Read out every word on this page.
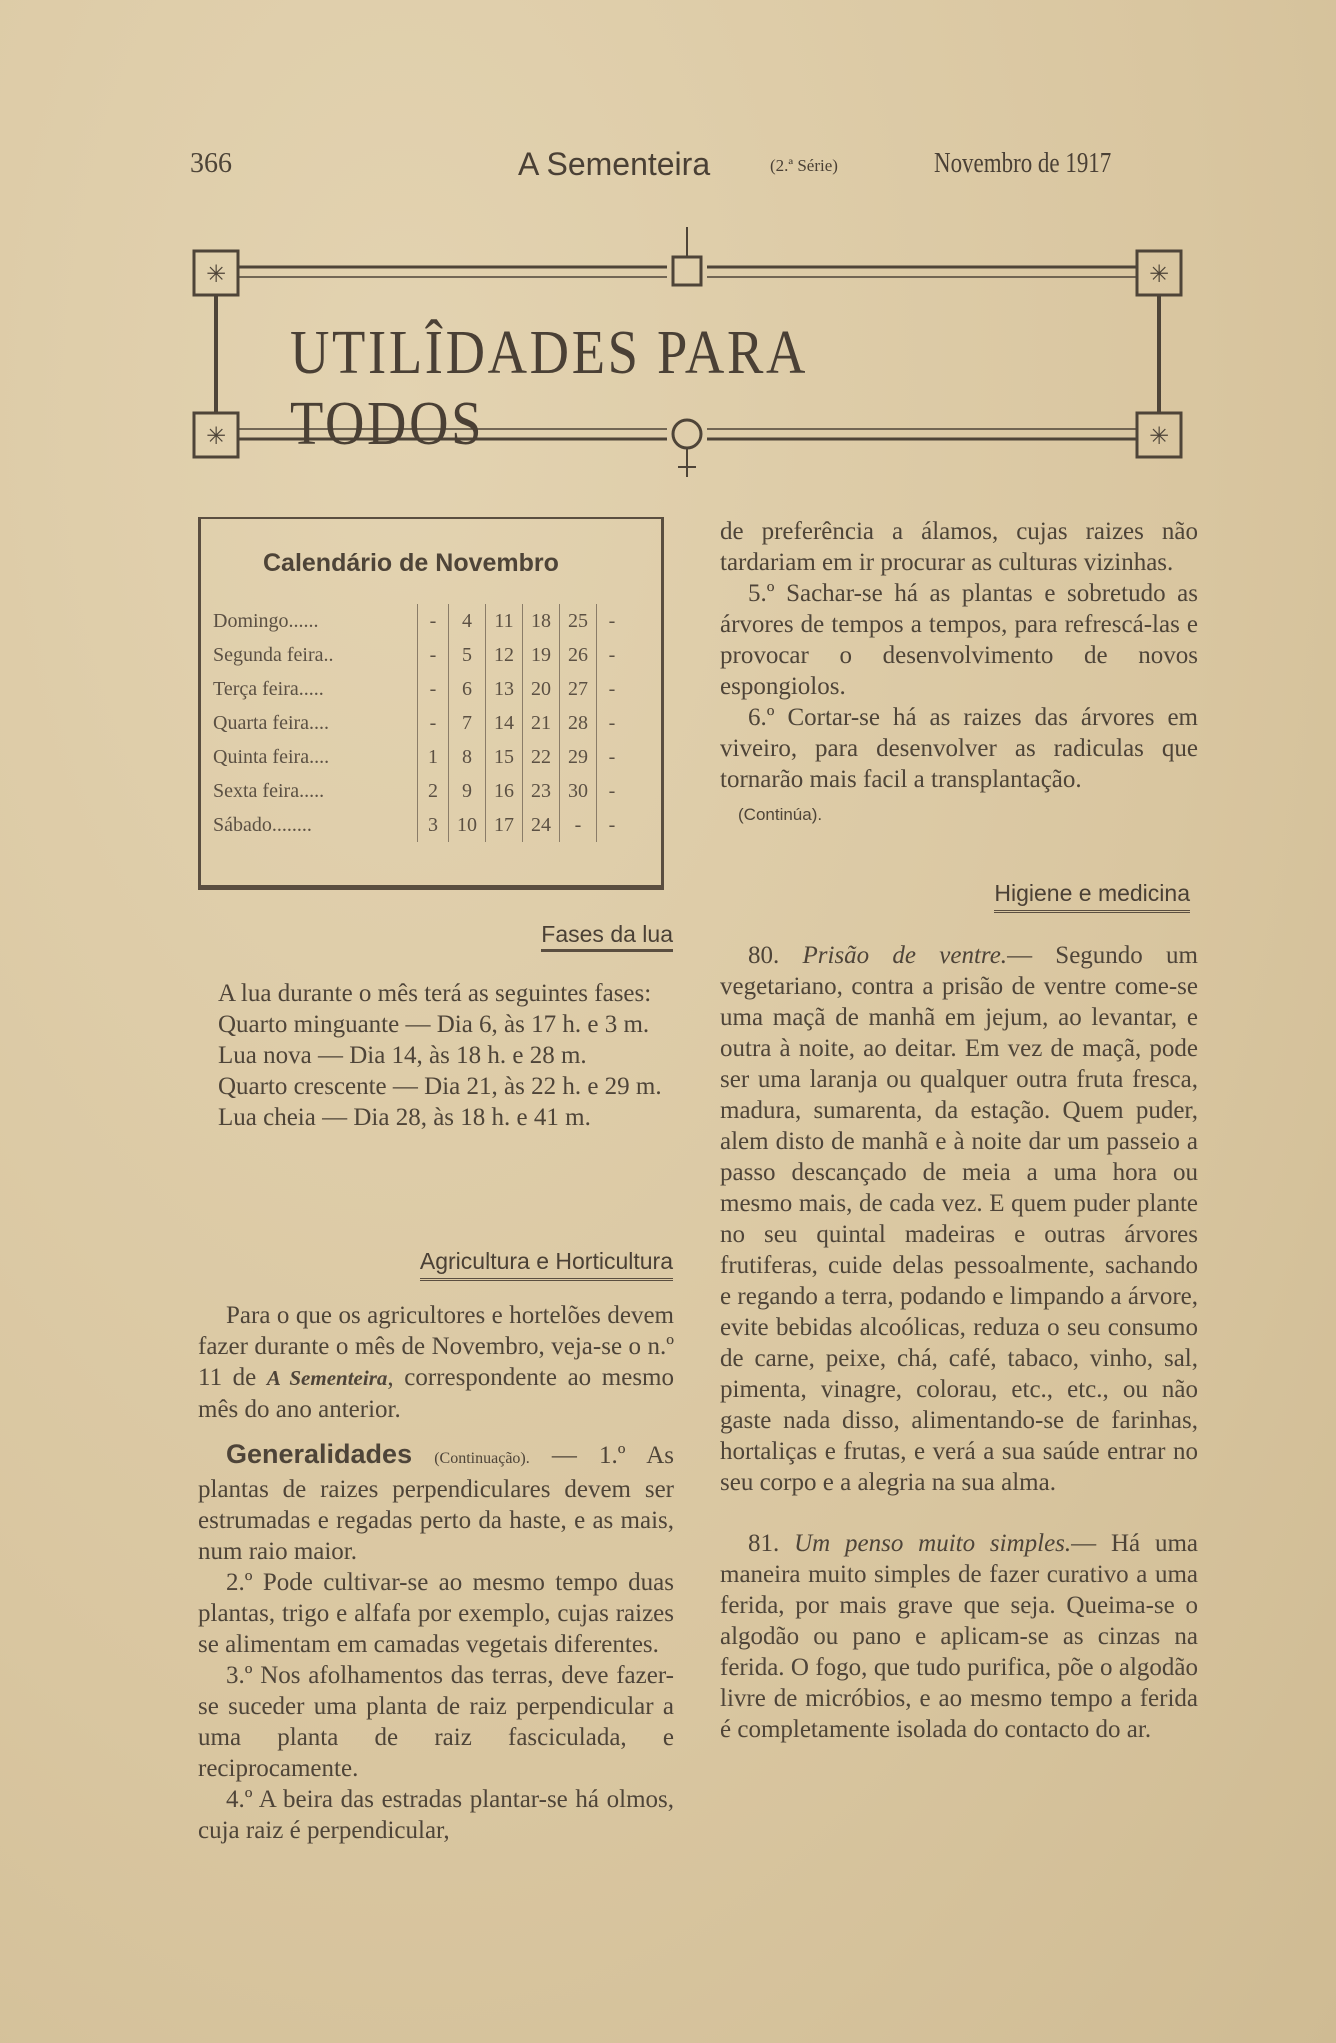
366	A Sementeira	(2.ª Série)	Novembro de 1917
✳	✳
✳	✳
UTILÎDADES PARA TODOS
Calendário de Novembro
Domingo......	-	4	11	18	25	-
Segunda feira..	-	5	12	19	26	-
Terça feira.....	-	6	13	20	27	-
Quarta feira....	-	7	14	21	28	-
Quinta feira....	1	8	15	22	29	-
Sexta feira.....	2	9	16	23	30	-
Sábado........	3	10	17	24	-	-
Fases da lua

A lua durante o mês terá as seguintes fases:

Quarto minguante — Dia 6, às 17 h. e 3 m.

Lua nova — Dia 14, às 18 h. e 28 m.

Quarto crescente — Dia 21, às 22 h. e 29 m.

Lua cheia — Dia 28, às 18 h. e 41 m.

Agricultura e Horticultura

Para o que os agricultores e hortelões devem fazer durante o mês de Novembro, veja-se o n.º 11 de A Sementeira, correspondente ao mesmo mês do ano anterior.

Generalidades (Continuação). — 1.º As plantas de raizes perpendiculares devem ser estrumadas e regadas perto da haste, e as mais, num raio maior.

2.º Pode cultivar-se ao mesmo tempo duas plantas, trigo e alfafa por exemplo, cujas raizes se alimentam em camadas vegetais diferentes.

3.º Nos afolhamentos das terras, deve fazer-se suceder uma planta de raiz perpendicular a uma planta de raiz fasciculada, e reciprocamente.

4.º A beira das estradas plantar-se há olmos, cuja raiz é perpendicular,

de preferência a álamos, cujas raizes não tardariam em ir procurar as culturas vizinhas.

5.º Sachar-se há as plantas e sobretudo as árvores de tempos a tempos, para refrescá-las e provocar o desenvolvimento de novos espongiolos.

6.º Cortar-se há as raizes das árvores em viveiro, para desenvolver as radiculas que tornarão mais facil a transplantação.

(Continúa).

Higiene e medicina

80. Prisão de ventre.— Segundo um vegetariano, contra a prisão de ventre come-se uma maçã de manhã em jejum, ao levantar, e outra à noite, ao deitar. Em vez de maçã, pode ser uma laranja ou qualquer outra fruta fresca, madura, sumarenta, da estação. Quem puder, alem disto de manhã e à noite dar um passeio a passo descançado de meia a uma hora ou mesmo mais, de cada vez. E quem puder plante no seu quintal madeiras e outras árvores frutiferas, cuide delas pessoalmente, sachando e regando a terra, podando e limpando a árvore, evite bebidas alcoólicas, reduza o seu consumo de carne, peixe, chá, café, tabaco, vinho, sal, pimenta, vinagre, colorau, etc., etc., ou não gaste nada disso, alimentando-se de farinhas, hortaliças e frutas, e verá a sua saúde entrar no seu corpo e a alegria na sua alma.

81. Um penso muito simples.— Há uma maneira muito simples de fazer curativo a uma ferida, por mais grave que seja. Queima-se o algodão ou pano e aplicam-se as cinzas na ferida. O fogo, que tudo purifica, põe o algodão livre de micróbios, e ao mesmo tempo a ferida é completamente isolada do contacto do ar.
